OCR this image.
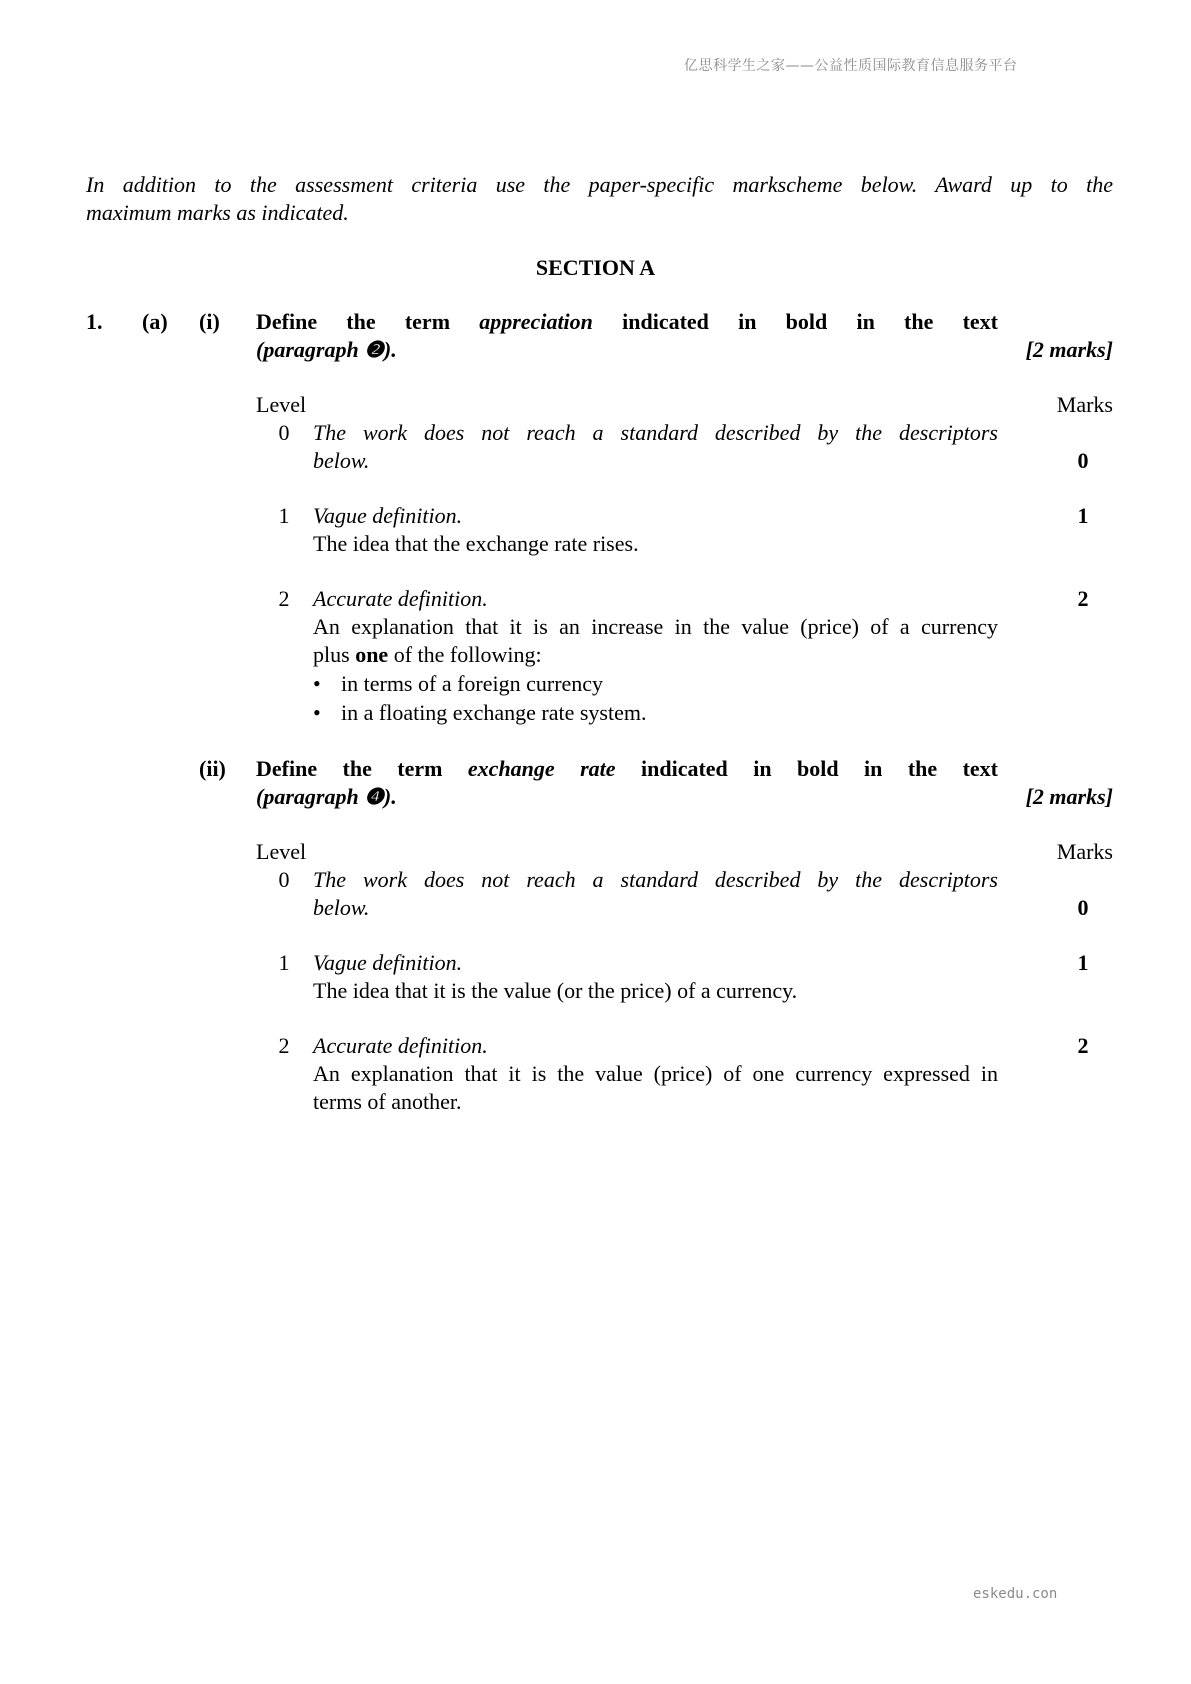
亿思科学生之家——公益性质国际教育信息服务平台
eskedu.con

In addition to the assessment criteria use the paper-specific markscheme below. Award up to the

maximum marks as indicated.

SECTION A
1. (a) (i) Define the term appreciation indicated in bold in the text
(paragraph ❷).	[2 marks]
Level	Marks
0 The work does not reach a standard described by the descriptors
below.	0
1 Vague definition.	1
The idea that the exchange rate rises.
2 Accurate definition.	2
An explanation that it is an increase in the value (price) of a currency
plus one of the following:
• in terms of a foreign currency
• in a floating exchange rate system.
(ii) Define the term exchange rate indicated in bold in the text
(paragraph ❹).	[2 marks]
Level	Marks
0 The work does not reach a standard described by the descriptors
below.	0
1 Vague definition.	1
The idea that it is the value (or the price) of a currency.
2 Accurate definition.	2
An explanation that it is the value (price) of one currency expressed in
terms of another.
